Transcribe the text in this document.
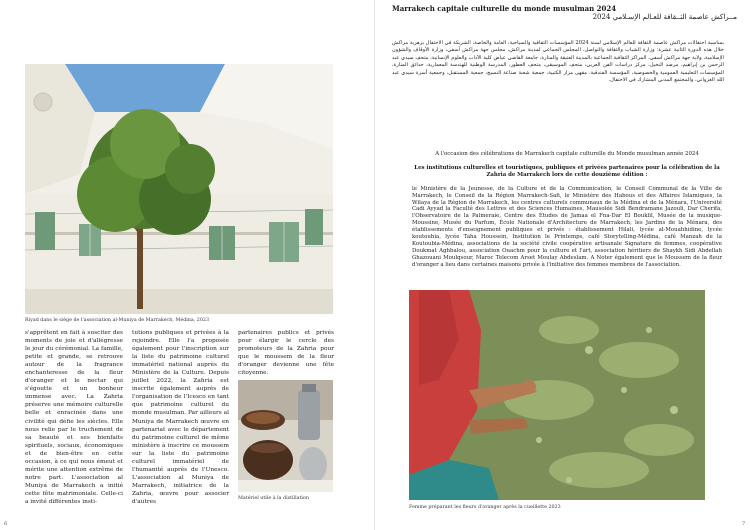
Riyad dans le siège de l'association al-Muniya de Marrakech, Médina, 2023
s'apprêtent en fait à susciter des moments de joie et d'allégresse le jour du cérémonial. La famille, petite et grande, se retrouve autour de la fragrance enchanteresse de la fleur d'oranger et le nectar qui s'égoutte et un bonheur immense avec. La Zahria préserve une mémoire culturelle belle et enracinée dans une civilité qui défie les siècles. Elle nous relie par le truchement de sa beauté et ses bienfaits spirituels, sociaux, économiques et de bien-être en cette occasion, à ce qui nous émeut et mérite une attention extrême de notre part. L'association al Muniya de Marrakech a initié cette fête matrimoniale. Celle-ci a invité différentes insti-
tutions publiques et privées à la rejoindre. Elle l'a proposée également pour l'inscription sur la liste du patrimoine culturel immatériel national auprès du Ministère de la Culture. Depuis juillet 2022, la Zahria est inscrite également auprès de l'organisation de l'Icesco en tant que patrimoine culturel du monde musulman. Par ailleurs al Muniya de Marrakech œuvre en partenariat avec le département du patrimoine culturel de même ministère à inscrire ce moussem sur la liste du patrimoine culturel immatériel de l'humanité auprès de l'Unesco. L'association al Muniya de Marrakech, initiatrice de la Zahria, œuvre pour associer d'autres
partenaires publics et privés pour élargir le cercle des promoteurs de la Zahria pour que le moussem de la fleur d'oranger devienne une fête citoyenne.
Matériel utile à la distillation
6
Marrakech capitale culturelle du monde musulman 2024
مــراكش عاصمة الثــقافة للعـالم الإسـلامي 2024
بمناسبة احتفالات مراكش عاصمة الثقافة للعالم الإسلامي لسنة 2024 المؤسسات الثقافية والسياحية، العامة والخاصة، الشريكة في الاحتفال بزهرية مراكش خلال هذه الدورة الثانية عشرة: وزارة الشباب والثقافة والتواصل، المجلس الجماعي لمدينة مراكش، مجلس جهة مراكش آسفي، وزارة الأوقاف والشؤون الإسلامية، ولاية جهة مراكش آسفي، المراكز الثقافية الجماعية بالمدينة العتيقة والمنارة، جامعة القاضي عياض كلية الآداب والعلوم الإنسانية، متحف سيدي عبد الرحمن بن إبراهيم، مرصد النخيل، مركز دراسات الفن العربي، متحف الموسيقى، متحف العطور، المدرسة الوطنية للهندسة المعمارية، حدائق المنارة، المؤسسات التعليمية العمومية والخصوصية، المؤسسة الفندقية، مقهى مزار الكتبية، جمعية شعبة صناعة النسيج، جمعية المستقبل، وجمعية أسرة سيدي عبد الله الغزواني، والمجتمع المدني المشارك في الاحتفال.

A l'occasion des célébrations de Marrakech capitale culturelle du Monde musulman année 2024

Les institutions culturelles et touristiques, publiques et privées partenaires pour la célébration de la Zahria de Marrakech lors de cette douzième édition :

le Ministère de la Jeunesse, de la Culture et de la Communication, le Conseil Communal de la Ville de Marrakech, le Conseil de la Région Marrakech-Safi, le Ministère des Habous et des Affaires Islamiques, la Wilaya de la Région de Marrakech, les centres culturels communaux de la Médina et de la Ménara, l'Université Cadi Ayyad la Faculté des Lettres et des Sciences Humaines, Mausolée Sidi Bendramane Jazouli, Dar Cherifa, l'Observatoire de la Palmeraie, Centre des Études de Jamaa el Fna-Dar El Bouklil, Musée de la musique-Moussine, Musée du Parfum, École Nationale d'Architecture de Marrakech, les Jardins de la Ménara, des établissements d'enseignement publiques et privés : établissement Hilali, lycée al-Mouahhidine, lycée koutoubia, lycée Taha Houssein, Institution le Printemps, café Storytelling-Médina, café Manzah de la Koutoubia-Médina, associations de la société civile coopérative artisanale Signature de femmes, coopérative Doukmat Aghbalou, association Ouachm pour la culture et l'art, association héritiers de Shaykh Sidi Abdellah Ghazouani Moulqsour, Maroc Telecom Arset Moulay Abdeslam. A Noter également que le Moussem de la fleur d'oranger a lieu dans certaines maisons privée à l'initiative des femmes membres de l'association.

Femme préparant les fleurs d'oranger après la cueillette 2023
7
